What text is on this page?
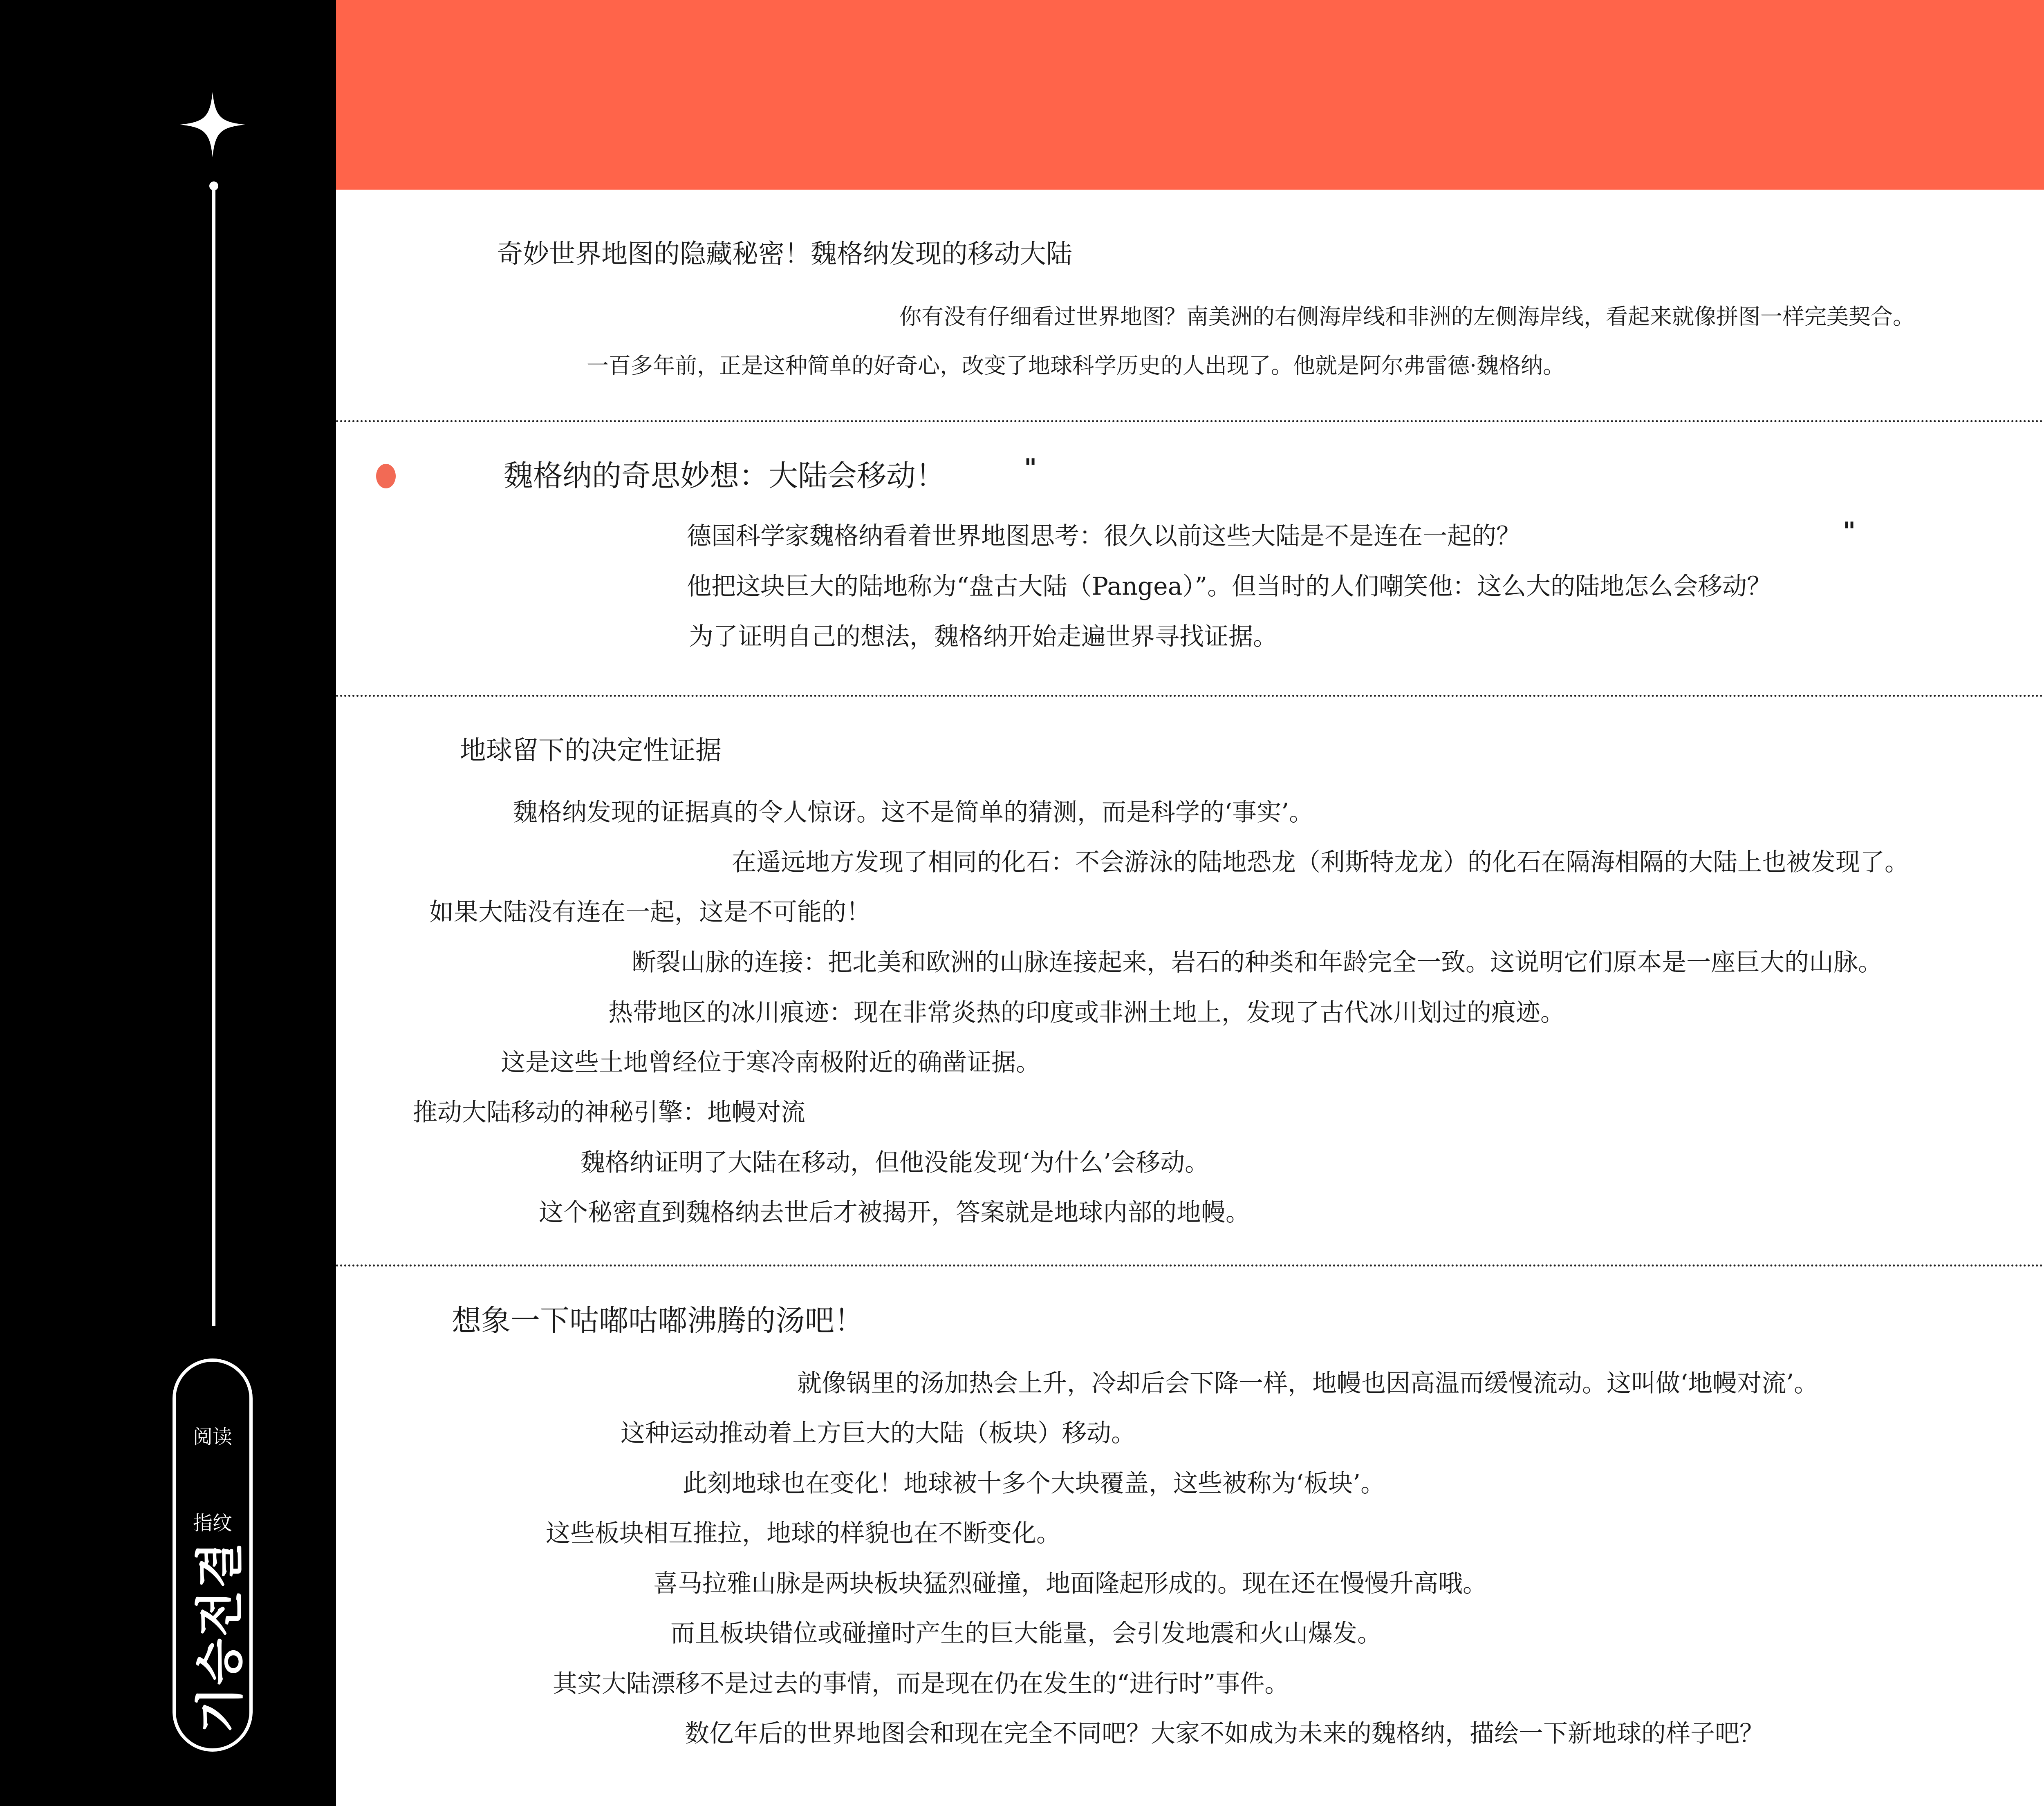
阅读
指纹
기승전결
奇妙世界地图的隐藏秘密！魏格纳发现的移动大陆
你有没有仔细看过世界地图？南美洲的右侧海岸线和非洲的左侧海岸线，看起来就像拼图一样完美契合。
一百多年前，正是这种简单的好奇心，改变了地球科学历史的人出现了。他就是阿尔弗雷德·魏格纳。
魏格纳的奇思妙想：大陆会移动！	"
德国科学家魏格纳看着世界地图思考：很久以前这些大陆是不是连在一起的？	"
他把这块巨大的陆地称为“盘古大陆（Pangea）”。但当时的人们嘲笑他：这么大的陆地怎么会移动？
为了证明自己的想法，魏格纳开始走遍世界寻找证据。
地球留下的决定性证据
魏格纳发现的证据真的令人惊讶。这不是简单的猜测，而是科学的‘事实’。
在遥远地方发现了相同的化石：不会游泳的陆地恐龙（利斯特龙龙）的化石在隔海相隔的大陆上也被发现了。
如果大陆没有连在一起，这是不可能的！
断裂山脉的连接：把北美和欧洲的山脉连接起来，岩石的种类和年龄完全一致。这说明它们原本是一座巨大的山脉。
热带地区的冰川痕迹：现在非常炎热的印度或非洲土地上，发现了古代冰川划过的痕迹。
这是这些土地曾经位于寒冷南极附近的确凿证据。
推动大陆移动的神秘引擎：地幔对流
魏格纳证明了大陆在移动，但他没能发现‘为什么’会移动。
这个秘密直到魏格纳去世后才被揭开，答案就是地球内部的地幔。
想象一下咕嘟咕嘟沸腾的汤吧！
就像锅里的汤加热会上升，冷却后会下降一样，地幔也因高温而缓慢流动。这叫做‘地幔对流’。
这种运动推动着上方巨大的大陆（板块）移动。
此刻地球也在变化！地球被十多个大块覆盖，这些被称为‘板块’。
这些板块相互推拉，地球的样貌也在不断变化。
喜马拉雅山脉是两块板块猛烈碰撞，地面隆起形成的。现在还在慢慢升高哦。
而且板块错位或碰撞时产生的巨大能量，会引发地震和火山爆发。
其实大陆漂移不是过去的事情，而是现在仍在发生的“进行时”事件。
数亿年后的世界地图会和现在完全不同吧？大家不如成为未来的魏格纳，描绘一下新地球的样子吧？
